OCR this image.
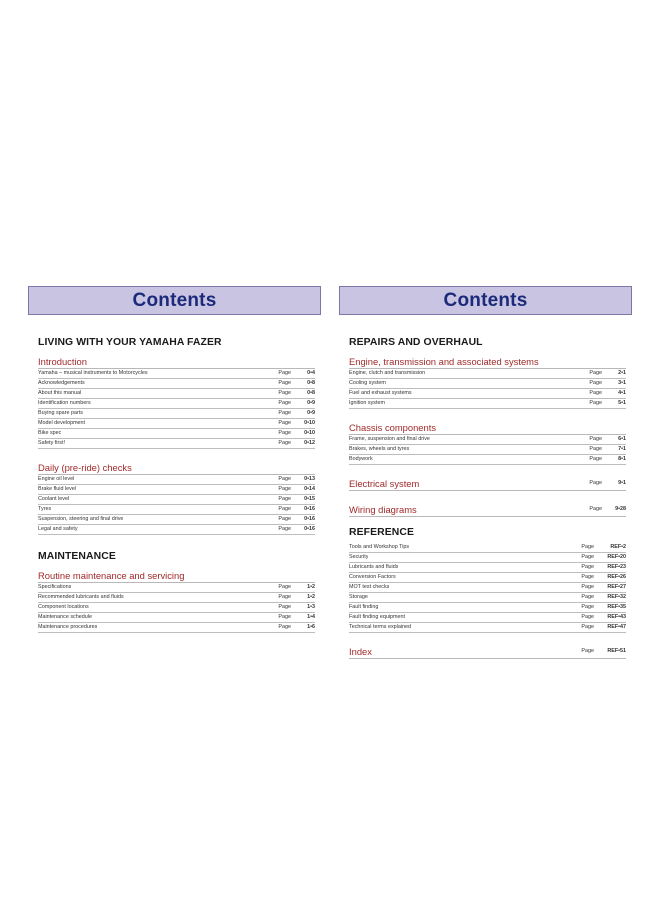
Contents
LIVING WITH YOUR YAMAHA FAZER
Introduction
Yamaha – musical instruments to Motorcycles	Page	0•4
Acknowledgements	Page	0•8
About this manual	Page	0•8
Identification numbers	Page	0•9
Buying spare parts	Page	0•9
Model development	Page	0•10
Bike spec	Page	0•10
Safety first!	Page	0•12
Daily (pre-ride) checks
Engine oil level	Page	0•13
Brake fluid level	Page	0•14
Coolant level	Page	0•15
Tyres	Page	0•16
Suspension, steering and final drive	Page	0•16
Legal and safety	Page	0•16
MAINTENANCE
Routine maintenance and servicing
Specifications	Page	1•2
Recommended lubricants and fluids	Page	1•2
Component locations	Page	1•3
Maintenance schedule	Page	1•4
Maintenance procedures	Page	1•6
Contents
REPAIRS AND OVERHAUL
Engine, transmission and associated systems
Engine, clutch and transmission	Page	2•1
Cooling system	Page	3•1
Fuel and exhaust systems	Page	4•1
Ignition system	Page	5•1
Chassis components
Frame, suspension and final drive	Page	6•1
Brakes, wheels and tyres	Page	7•1
Bodywork	Page	8•1
Electrical system	Page	9•1
Wiring diagrams	Page	9•28
REFERENCE
Tools and Workshop Tips	Page	REF•2
Security	Page	REF•20
Lubricants and fluids	Page	REF•23
Conversion Factors	Page	REF•26
MOT test checks	Page	REF•27
Storage	Page	REF•32
Fault finding	Page	REF•35
Fault finding equipment	Page	REF•43
Technical terms explained	Page	REF•47
Index	Page	REF•51
